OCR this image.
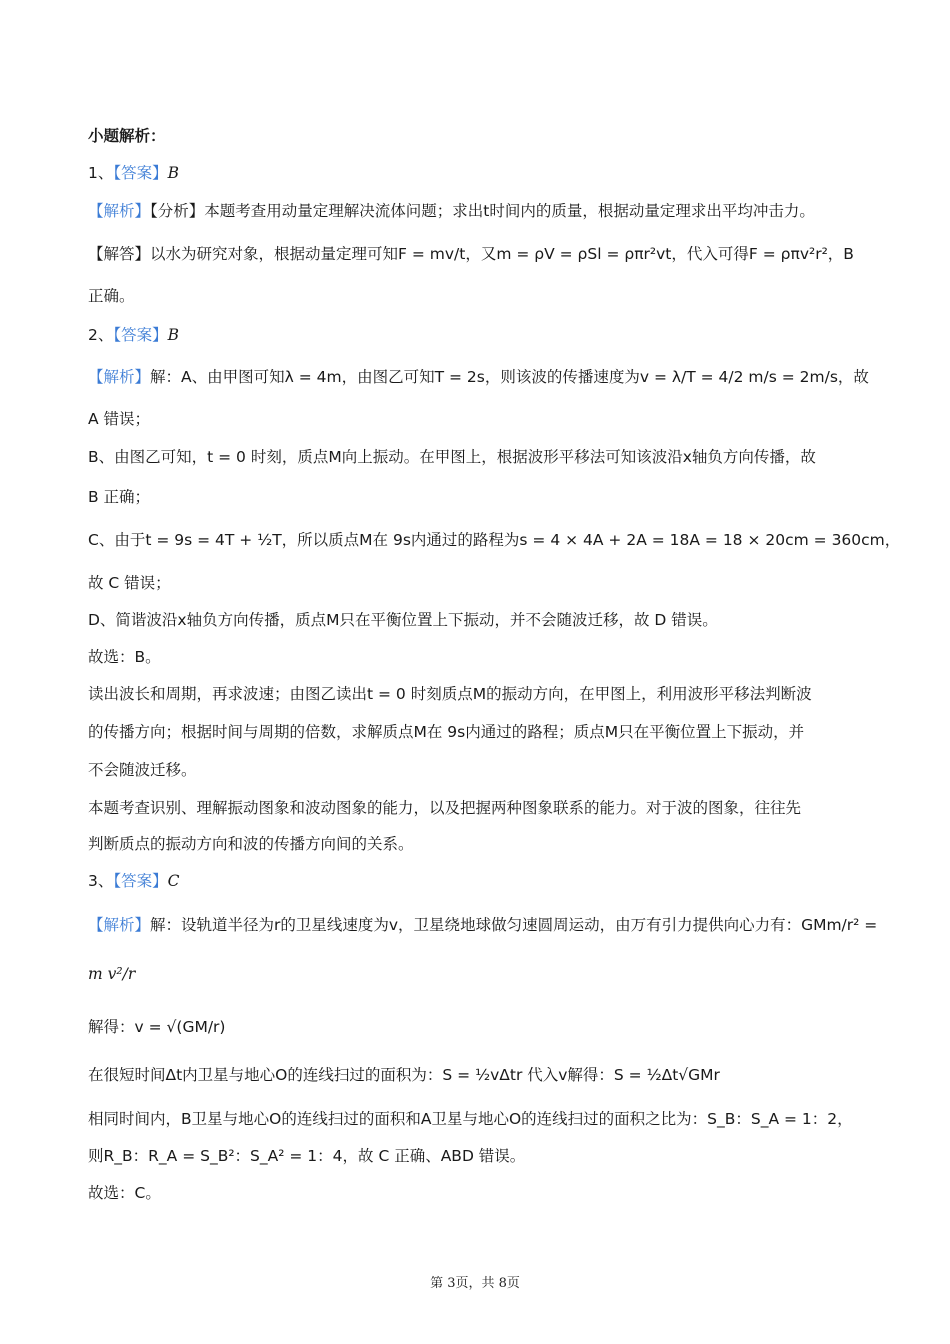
小题解析：
1、【答案】B
【解析】【分析】本题考查用动量定理解决流体问题；求出t时间内的质量，根据动量定理求出平均冲击力。
【解答】以水为研究对象，根据动量定理可知F = mv/t，又m = ρV = ρSl = ρπr²vt，代入可得F = ρπv²r²，B
正确。
2、【答案】B
【解析】解：A、由甲图可知λ = 4m，由图乙可知T = 2s，则该波的传播速度为v = λ/T = 4/2 m/s = 2m/s，故
A 错误；
B、由图乙可知，t = 0 时刻，质点M向上振动。在甲图上，根据波形平移法可知该波沿x轴负方向传播，故
B 正确；
C、由于t = 9s = 4T + ½T，所以质点M在 9s内通过的路程为s = 4 × 4A + 2A = 18A = 18 × 20cm = 360cm，
故 C 错误；
D、简谐波沿x轴负方向传播，质点M只在平衡位置上下振动，并不会随波迁移，故 D 错误。
故选：B。
读出波长和周期，再求波速；由图乙读出t = 0 时刻质点M的振动方向，在甲图上，利用波形平移法判断波
的传播方向；根据时间与周期的倍数，求解质点M在 9s内通过的路程；质点M只在平衡位置上下振动，并
不会随波迁移。
本题考查识别、理解振动图象和波动图象的能力，以及把握两种图象联系的能力。对于波的图象，往往先
判断质点的振动方向和波的传播方向间的关系。
3、【答案】C
【解析】解：设轨道半径为r的卫星线速度为v，卫星绕地球做匀速圆周运动，由万有引力提供向心力有：GMm/r² =
m v²/r
解得：v = √(GM/r)
在很短时间Δt内卫星与地心O的连线扫过的面积为：S = ½vΔtr 代入v解得：S = ½Δt√GMr
相同时间内，B卫星与地心O的连线扫过的面积和A卫星与地心O的连线扫过的面积之比为：S_B：S_A = 1：2，
则R_B：R_A = S_B²：S_A² = 1：4，故 C 正确、ABD 错误。
故选：C。
第 3页，共 8页
